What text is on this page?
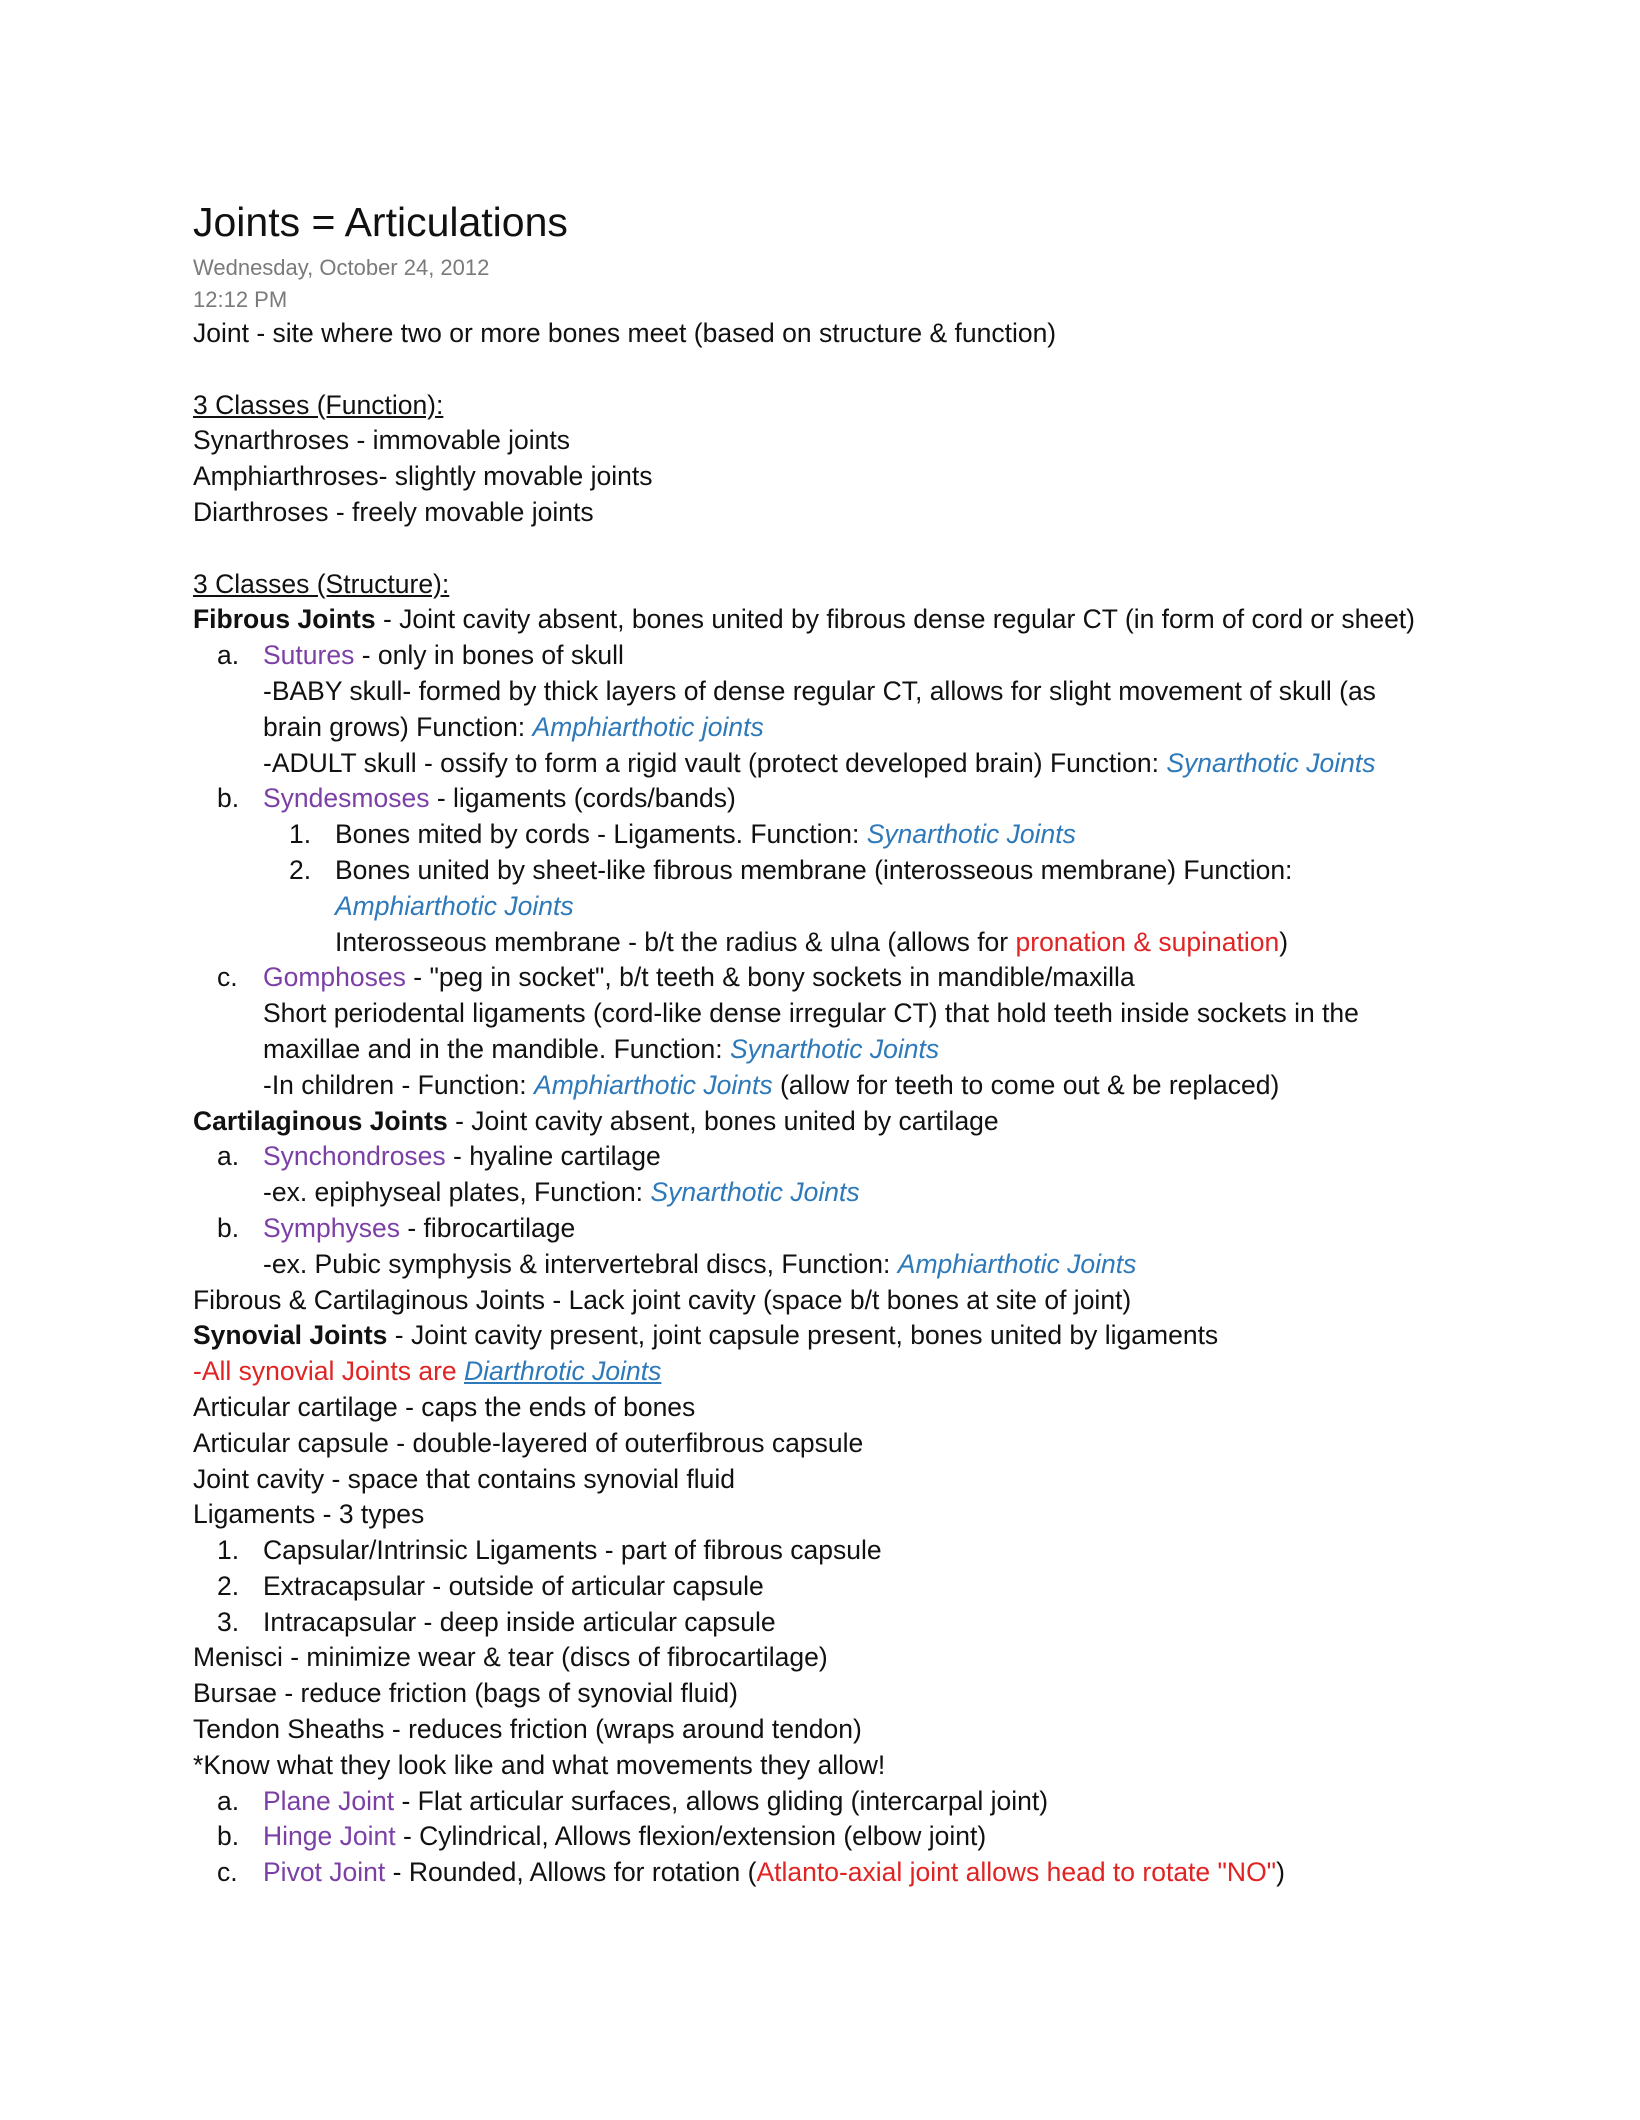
Joints = Articulations
Wednesday, October 24, 2012
12:12 PM
Joint - site where two or more bones meet (based on structure & function)
3 Classes (Function):
Synarthroses - immovable joints
Amphiarthroses- slightly movable joints
Diarthroses - freely movable joints
3 Classes (Structure):
Fibrous Joints - Joint cavity absent, bones united by fibrous dense regular CT (in form of cord or sheet)
a. Sutures - only in bones of skull
-BABY skull- formed by thick layers of dense regular CT, allows for slight movement of skull (as
brain grows) Function: Amphiarthotic joints
-ADULT skull - ossify to form a rigid vault (protect developed brain) Function: Synarthotic Joints
b. Syndesmoses - ligaments (cords/bands)
1. Bones mited by cords - Ligaments. Function: Synarthotic Joints
2. Bones united by sheet-like fibrous membrane (interosseous membrane) Function:
Amphiarthotic Joints
Interosseous membrane - b/t the radius & ulna (allows for pronation & supination)
c. Gomphoses - "peg in socket", b/t teeth & bony sockets in mandible/maxilla
Short periodental ligaments (cord-like dense irregular CT) that hold teeth inside sockets in the
maxillae and in the mandible. Function: Synarthotic Joints
-In children - Function: Amphiarthotic Joints (allow for teeth to come out & be replaced)
Cartilaginous Joints - Joint cavity absent, bones united by cartilage
a. Synchondroses - hyaline cartilage
-ex. epiphyseal plates, Function: Synarthotic Joints
b. Symphyses - fibrocartilage
-ex. Pubic symphysis & intervertebral discs, Function: Amphiarthotic Joints
Fibrous & Cartilaginous Joints - Lack joint cavity (space b/t bones at site of joint)
Synovial Joints - Joint cavity present, joint capsule present, bones united by ligaments
-All synovial Joints are Diarthrotic Joints
Articular cartilage - caps the ends of bones
Articular capsule - double-layered of outerfibrous capsule
Joint cavity - space that contains synovial fluid
Ligaments - 3 types
1. Capsular/Intrinsic Ligaments - part of fibrous capsule
2. Extracapsular - outside of articular capsule
3. Intracapsular - deep inside articular capsule
Menisci - minimize wear & tear (discs of fibrocartilage)
Bursae - reduce friction (bags of synovial fluid)
Tendon Sheaths - reduces friction (wraps around tendon)
*Know what they look like and what movements they allow!
a. Plane Joint - Flat articular surfaces, allows gliding (intercarpal joint)
b. Hinge Joint - Cylindrical, Allows flexion/extension (elbow joint)
c. Pivot Joint - Rounded, Allows for rotation (Atlanto-axial joint allows head to rotate "NO")
